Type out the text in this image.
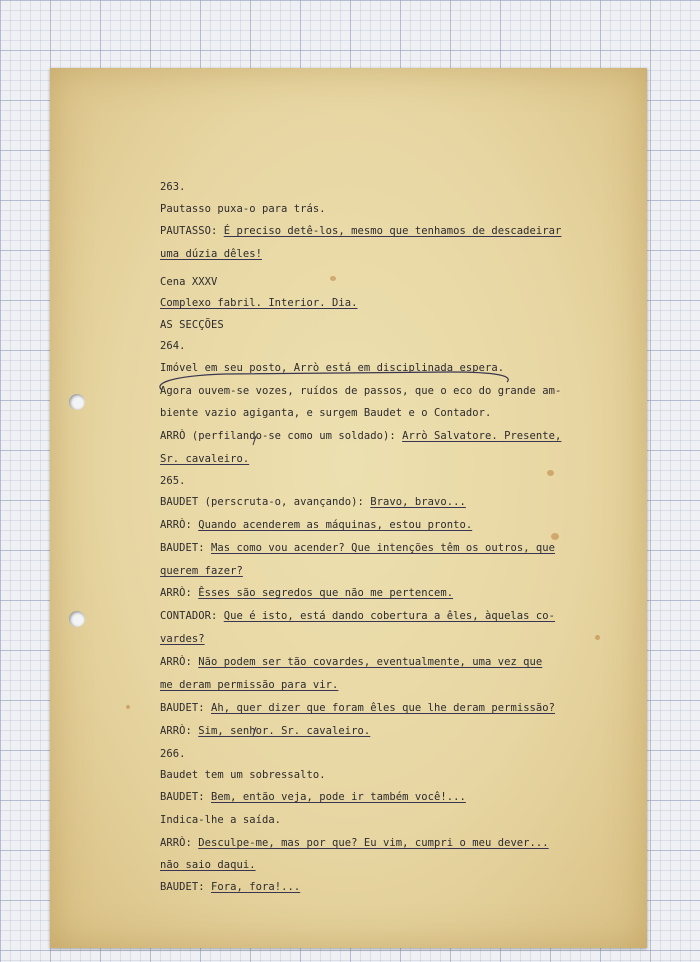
263.
Pautasso puxa-o para trás.
PAUTASSO: É preciso detê-los, mesmo que tenhamos de descadeirar
uma dúzia dêles!
Cena XXXV
Complexo fabril. Interior. Dia.
AS SECÇÕES
264.
Imóvel em seu posto, Arrò está em disciplinada espera.
Agora ouvem-se vozes, ruídos de passos, que o eco do grande am-
biente vazio agiganta, e surgem Baudet e o Contador.
ARRÒ (perfilando-se como um soldado): Arrò Salvatore. Presente,
Sr. cavaleiro.
265.
BAUDET (perscruta-o, avançando): Bravo, bravo...
ARRÒ: Quando acenderem as máquinas, estou pronto.
BAUDET: Mas como vou acender? Que intenções têm os outros, que
querem fazer?
ARRÒ: Êsses são segredos que não me pertencem.
CONTADOR: Que é isto, está dando cobertura a êles, àquelas co-
vardes?
ARRÒ: Não podem ser tão covardes, eventualmente, uma vez que
me deram permissão para vir.
BAUDET: Ah, quer dizer que foram êles que lhe deram permissão?
ARRÒ: Sim, senhor. Sr. cavaleiro.
266.
Baudet tem um sobressalto.
BAUDET: Bem, então veja, pode ir também você!...
Indica-lhe a saída.
ARRÒ: Desculpe-me, mas por que? Eu vim, cumpri o meu dever...
não saio daqui.
BAUDET: Fora, fora!...
